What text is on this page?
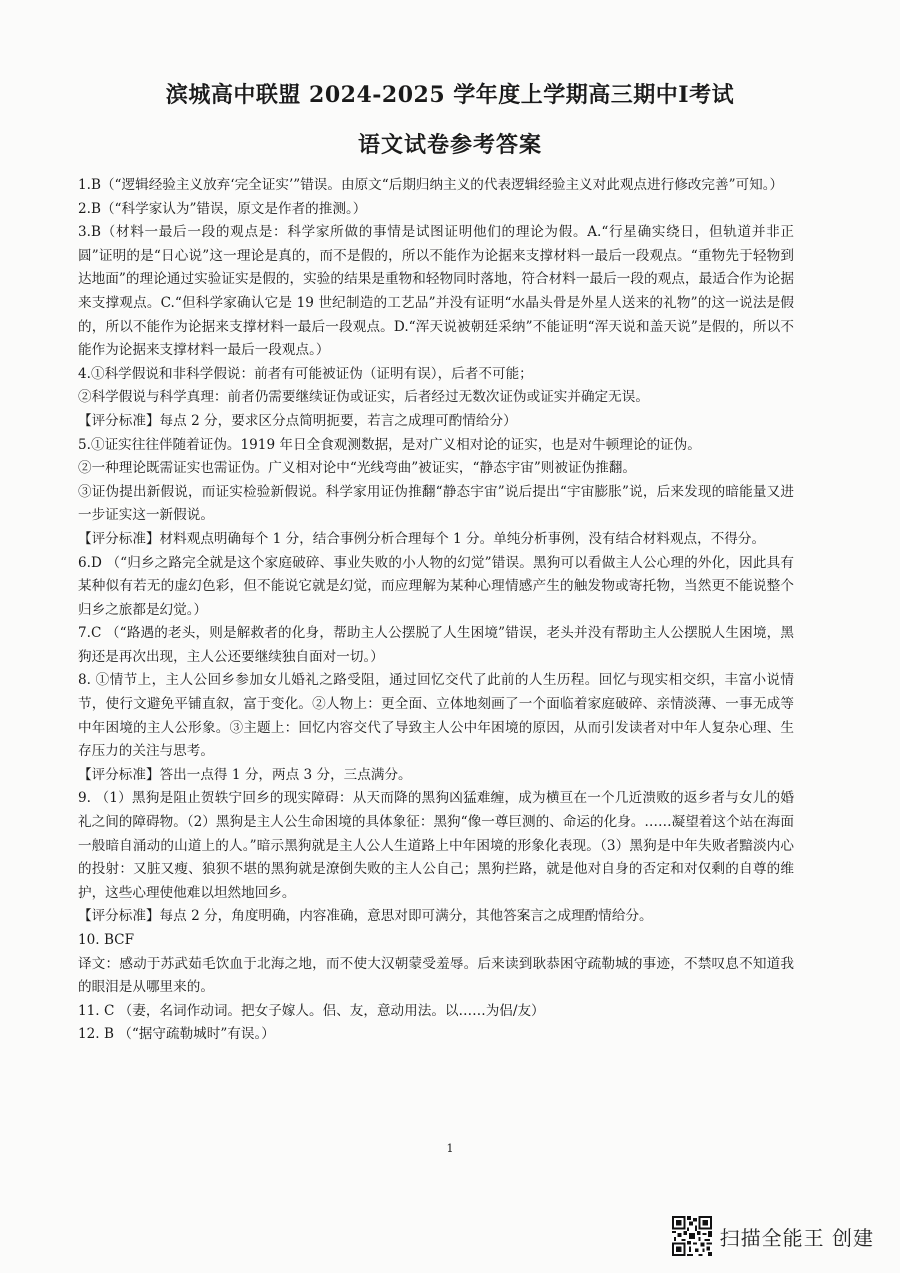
滨城高中联盟 2024-2025 学年度上学期高三期中Ⅰ考试
语文试卷参考答案

1.B（“逻辑经验主义放弃‘完全证实’”错误。由原文“后期归纳主义的代表逻辑经验主义对此观点进行修改完善”可知。）

2.B（“科学家认为”错误，原文是作者的推测。）

3.B（材料一最后一段的观点是：科学家所做的事情是试图证明他们的理论为假。A.“行星确实绕日，但轨道并非正圆”证明的是“日心说”这一理论是真的，而不是假的，所以不能作为论据来支撑材料一最后一段观点。“重物先于轻物到达地面”的理论通过实验证实是假的，实验的结果是重物和轻物同时落地，符合材料一最后一段的观点，最适合作为论据来支撑观点。C.“但科学家确认它是 19 世纪制造的工艺品”并没有证明“水晶头骨是外星人送来的礼物”的这一说法是假的，所以不能作为论据来支撑材料一最后一段观点。D.“浑天说被朝廷采纳”不能证明“浑天说和盖天说”是假的，所以不能作为论据来支撑材料一最后一段观点。）

4.①科学假说和非科学假说：前者有可能被证伪（证明有误），后者不可能；

②科学假说与科学真理：前者仍需要继续证伪或证实，后者经过无数次证伪或证实并确定无误。

【评分标准】每点 2 分，要求区分点简明扼要，若言之成理可酌情给分）

5.①证实往往伴随着证伪。1919 年日全食观测数据，是对广义相对论的证实，也是对牛顿理论的证伪。

②一种理论既需证实也需证伪。广义相对论中“光线弯曲”被证实，“静态宇宙”则被证伪推翻。

③证伪提出新假说，而证实检验新假说。科学家用证伪推翻“静态宇宙”说后提出“宇宙膨胀”说，后来发现的暗能量又进一步证实这一新假说。

【评分标准】材料观点明确每个 1 分，结合事例分析合理每个 1 分。单纯分析事例，没有结合材料观点，不得分。

6.D （“归乡之路完全就是这个家庭破碎、事业失败的小人物的幻觉”错误。黑狗可以看做主人公心理的外化，因此具有某种似有若无的虚幻色彩，但不能说它就是幻觉，而应理解为某种心理情感产生的触发物或寄托物，当然更不能说整个归乡之旅都是幻觉。）

7.C （“路遇的老头，则是解救者的化身，帮助主人公摆脱了人生困境”错误，老头并没有帮助主人公摆脱人生困境，黑狗还是再次出现，主人公还要继续独自面对一切。）

8. ①情节上，主人公回乡参加女儿婚礼之路受阻，通过回忆交代了此前的人生历程。回忆与现实相交织，丰富小说情节，使行文避免平铺直叙，富于变化。②人物上：更全面、立体地刻画了一个面临着家庭破碎、亲情淡薄、一事无成等中年困境的主人公形象。③主题上：回忆内容交代了导致主人公中年困境的原因，从而引发读者对中年人复杂心理、生存压力的关注与思考。

【评分标准】答出一点得 1 分，两点 3 分，三点满分。

9. （1）黑狗是阻止贺轶宁回乡的现实障碍：从天而降的黑狗凶猛难缠，成为横亘在一个几近溃败的返乡者与女儿的婚礼之间的障碍物。（2）黑狗是主人公生命困境的具体象征：黑狗“像一尊巨测的、命运的化身。……凝望着这个站在海面一般暗自涌动的山道上的人。”暗示黑狗就是主人公人生道路上中年困境的形象化表现。（3）黑狗是中年失败者黯淡内心的投射：又脏又瘦、狼狈不堪的黑狗就是潦倒失败的主人公自己；黑狗拦路，就是他对自身的否定和对仅剩的自尊的维护，这些心理使他难以坦然地回乡。

【评分标准】每点 2 分，角度明确，内容准确，意思对即可满分，其他答案言之成理酌情给分。

10. BCF

译文：感动于苏武茹毛饮血于北海之地，而不使大汉朝蒙受羞辱。后来读到耿恭困守疏勒城的事迹，不禁叹息不知道我的眼泪是从哪里来的。

11. C （妻，名词作动词。把女子嫁人。侣、友，意动用法。以……为侣/友）

12. B （“据守疏勒城时”有误。）

1
扫描全能王 创建
